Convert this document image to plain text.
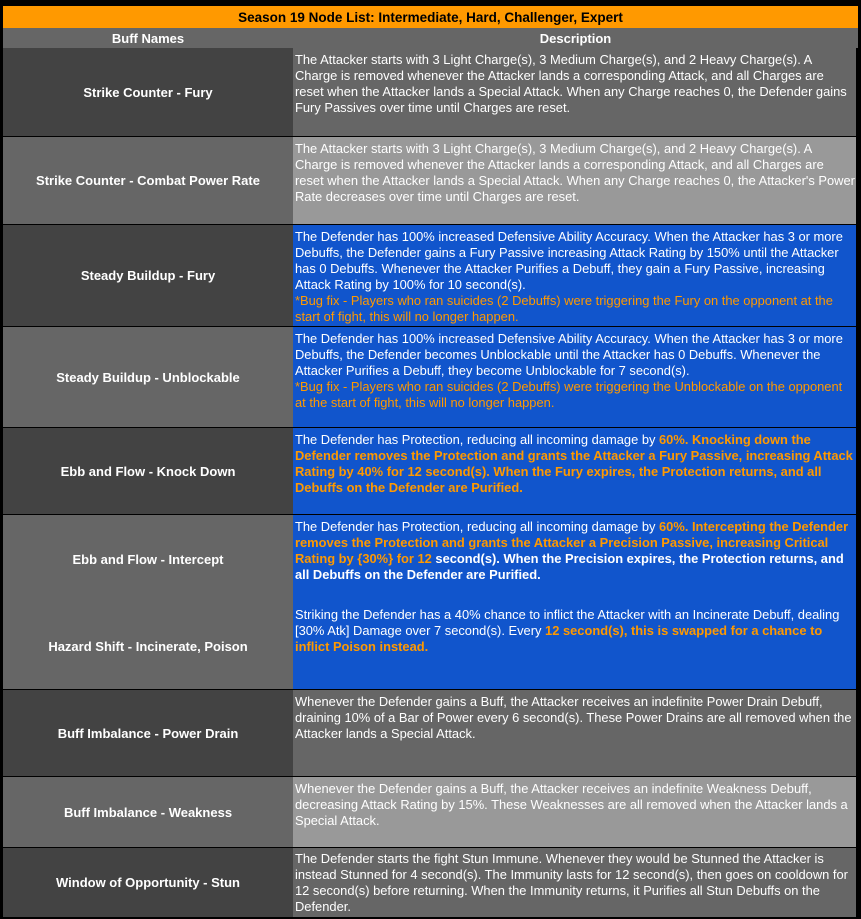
Season 19 Node List: Intermediate, Hard, Challenger, Expert
Buff Names	Description
Strike Counter - Fury

The Attacker starts with 3 Light Charge(s), 3 Medium Charge(s), and 2 Heavy Charge(s). A Charge is removed whenever the Attacker lands a corresponding Attack, and all Charges are reset when the Attacker lands a Special Attack. When any Charge reaches 0, the Defender gains Fury Passives over time until Charges are reset.

Strike Counter - Combat Power Rate

The Attacker starts with 3 Light Charge(s), 3 Medium Charge(s), and 2 Heavy Charge(s). A Charge is removed whenever the Attacker lands a corresponding Attack, and all Charges are reset when the Attacker lands a Special Attack. When any Charge reaches 0, the Attacker's Power Rate decreases over time until Charges are reset.

Steady Buildup - Fury

The Defender has 100% increased Defensive Ability Accuracy. When the Attacker has 3 or more Debuffs, the Defender gains a Fury Passive increasing Attack Rating by 150% until the Attacker has 0 Debuffs. Whenever the Attacker Purifies a Debuff, they gain a Fury Passive, increasing Attack Rating by 100% for 10 second(s).
*Bug fix - Players who ran suicides (2 Debuffs) were triggering the Fury on the opponent at the start of fight, this will no longer happen.

Steady Buildup - Unblockable

The Defender has 100% increased Defensive Ability Accuracy. When the Attacker has 3 or more Debuffs, the Defender becomes Unblockable until the Attacker has 0 Debuffs. Whenever the Attacker Purifies a Debuff, they become Unblockable for 7 second(s).
*Bug fix - Players who ran suicides (2 Debuffs) were triggering the Unblockable on the opponent at the start of fight, this will no longer happen.

Ebb and Flow - Knock Down

The Defender has Protection, reducing all incoming damage by 60%. Knocking down the Defender removes the Protection and grants the Attacker a Fury Passive, increasing Attack Rating by 40% for 12 second(s). When the Fury expires, the Protection returns, and all Debuffs on the Defender are Purified.

Ebb and Flow - Intercept

The Defender has Protection, reducing all incoming damage by 60%. Intercepting the Defender removes the Protection and grants the Attacker a Precision Passive, increasing Critical Rating by {30%} for 12 second(s). When the Precision expires, the Protection returns, and all Debuffs on the Defender are Purified.

Hazard Shift - Incinerate, Poison

Striking the Defender has a 40% chance to inflict the Attacker with an Incinerate Debuff, dealing [30% Atk] Damage over 7 second(s). Every 12 second(s), this is swapped for a chance to inflict Poison instead.

Buff Imbalance - Power Drain

Whenever the Defender gains a Buff, the Attacker receives an indefinite Power Drain Debuff, draining 10% of a Bar of Power every 6 second(s). These Power Drains are all removed when the Attacker lands a Special Attack.

Buff Imbalance - Weakness

Whenever the Defender gains a Buff, the Attacker receives an indefinite Weakness Debuff, decreasing Attack Rating by 15%. These Weaknesses are all removed when the Attacker lands a Special Attack.

Window of Opportunity - Stun

The Defender starts the fight Stun Immune. Whenever they would be Stunned the Attacker is instead Stunned for 4 second(s). The Immunity lasts for 12 second(s), then goes on cooldown for 12 second(s) before returning. When the Immunity returns, it Purifies all Stun Debuffs on the Defender.
